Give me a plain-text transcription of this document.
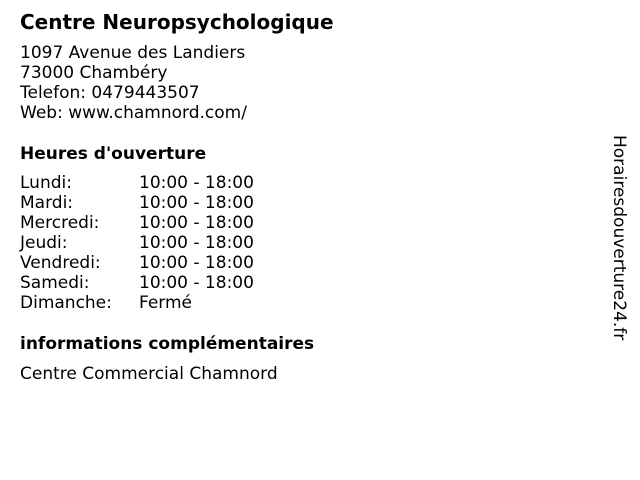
Centre Neuropsychologique
1097 Avenue des Landiers
73000 Chambéry
Telefon: 0479443507
Web: www.chamnord.com/
Heures d'ouverture
Lundi:	10:00 - 18:00
Mardi:	10:00 - 18:00
Mercredi: 10:00 - 18:00
Jeudi:	10:00 - 18:00
Vendredi: 10:00 - 18:00
Samedi:	10:00 - 18:00
Dimanche: Fermé
informations complémentaires
Centre Commercial Chamnord
Horairesdouverture24.fr
